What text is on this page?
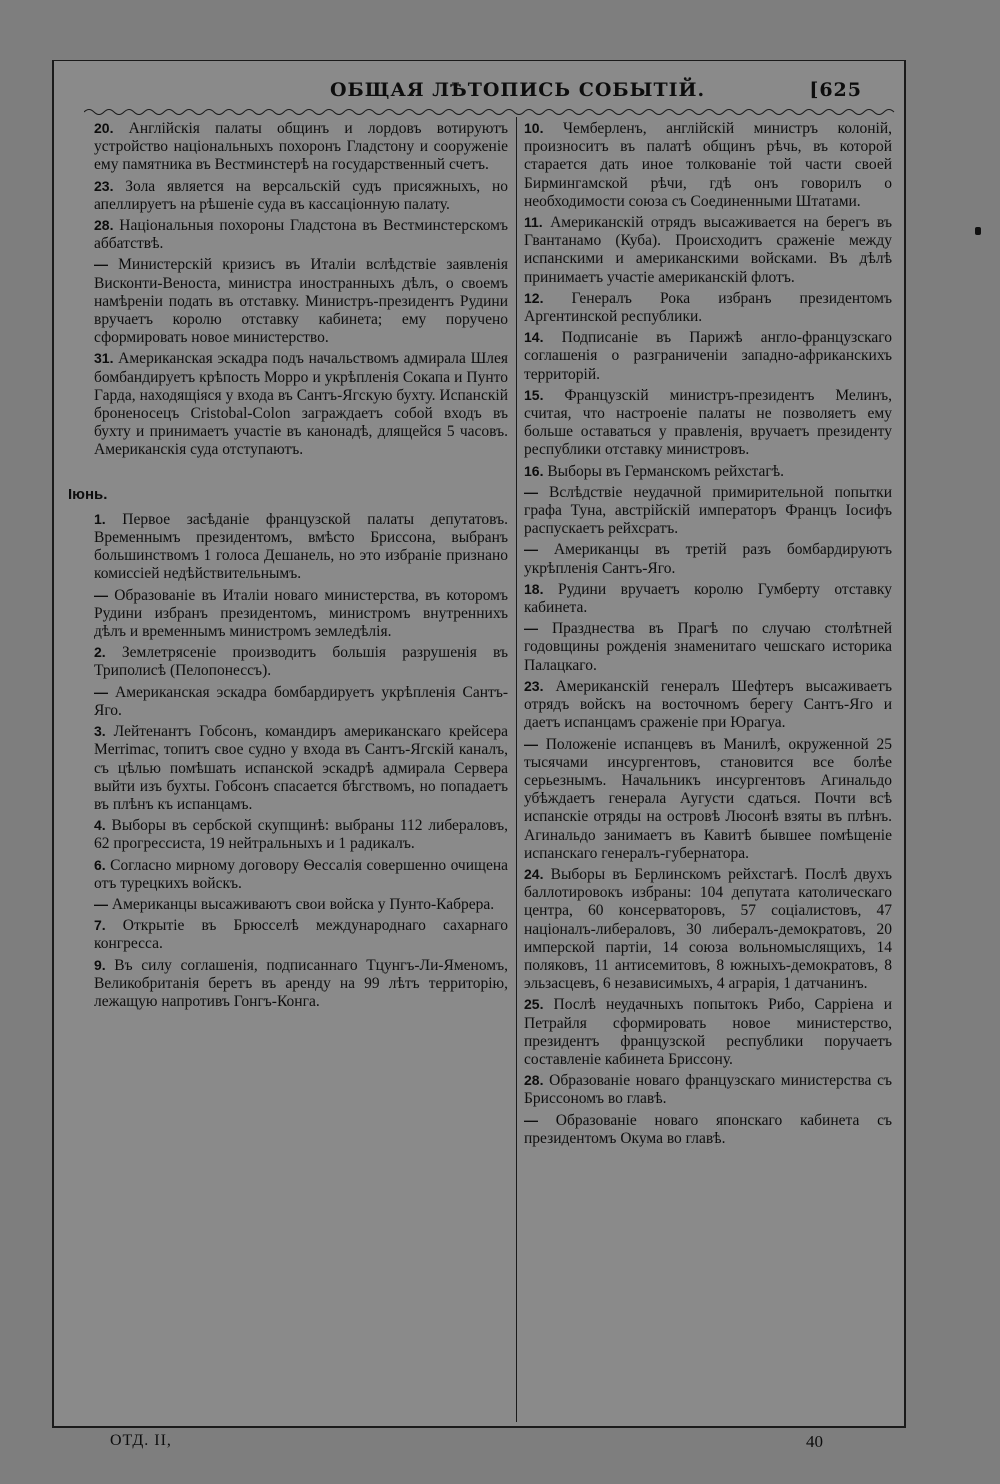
ОБЩАЯ ЛѢТОПИСЬ СОБЫТІЙ.	[625
20. Англійскія палаты общинъ и лордовъ вотируютъ устройство національныхъ похоронъ Гладстону и сооруженіе ему памятника въ Вестминстерѣ на государственный счетъ.
23. Зола является на версальскій судъ присяжныхъ, но апеллируетъ на рѣшеніе суда въ кассаціонную палату.
28. Національныя похороны Гладстона въ Вестминстерскомъ аббатствѣ.
— Министерскій кризисъ въ Италіи вслѣдствіе заявленія Висконти-Веноста, министра иностранныхъ дѣлъ, о своемъ намѣреніи подать въ отставку. Министръ-президентъ Рудини вручаетъ королю отставку кабинета; ему поручено сформировать новое министерство.
31. Американская эскадра подъ начальствомъ адмирала Шлея бомбандируетъ крѣпость Морро и укрѣпленія Сокапа и Пунто Гарда, находящіяся у входа въ Сантъ-Ягскую бухту. Испанскій броненосецъ Cristobal-Colon заграждаетъ собой входъ въ бухту и принимаетъ участіе въ канонадѣ, длящейся 5 часовъ. Американскія суда отступаютъ.
Іюнь.
1. Первое засѣданіе французской палаты депутатовъ. Временнымъ президентомъ, вмѣсто Бриссона, выбранъ большинствомъ 1 голоса Дешанель, но это избраніе признано комиссіей недѣйствительнымъ.
— Образованіе въ Италіи новаго министерства, въ которомъ Рудини избранъ президентомъ, министромъ внутреннихъ дѣлъ и временнымъ министромъ земледѣлія.
2. Землетрясеніе производитъ большія разрушенія въ Триполисѣ (Пелопонессъ).
— Американская эскадра бомбардируетъ укрѣпленія Сантъ-Яго.
3. Лейтенантъ Гобсонъ, командиръ американскаго крейсера Merrimac, топитъ свое судно у входа въ Сантъ-Ягскій каналъ, съ цѣлью помѣшать испанской эскадрѣ адмирала Сервера выйти изъ бухты. Гобсонъ спасается бѣгствомъ, но попадаетъ въ плѣнъ къ испанцамъ.
4. Выборы въ сербской скупщинѣ: выбраны 112 либераловъ, 62 прогрессиста, 19 нейтральныхъ и 1 радикалъ.
6. Согласно мирному договору Ѳессалія совершенно очищена отъ турецкихъ войскъ.
— Американцы высаживаютъ свои войска у Пунто-Кабрера.
7. Открытіе въ Брюсселѣ международнаго сахарнаго конгресса.
9. Въ силу соглашенія, подписаннаго Тцунгъ-Ли-Яменомъ, Великобританія беретъ въ аренду на 99 лѣтъ территорію, лежащую напротивъ Гонгъ-Конга.
10. Чемберленъ, англійскій министръ колоній, произноситъ въ палатѣ общинъ рѣчь, въ которой старается дать иное толкованіе той части своей Бирмингамской рѣчи, гдѣ онъ говорилъ о необходимости союза съ Соединенными Штатами.
11. Американскій отрядъ высаживается на берегъ въ Гвантанамо (Куба). Происходитъ сраженіе между испанскими и американскими войсками. Въ дѣлѣ принимаетъ участіе американскій флотъ.
12. Генералъ Рока избранъ президентомъ Аргентинской республики.
14. Подписаніе въ Парижѣ англо-французскаго соглашенія о разграниченіи западно-африканскихъ территорій.
15. Французскій министръ-президентъ Мелинъ, считая, что настроеніе палаты не позволяетъ ему больше оставаться у правленія, вручаетъ президенту республики отставку министровъ.
16. Выборы въ Германскомъ рейхстагѣ.
— Вслѣдствіе неудачной примирительной попытки графа Туна, австрійскій императоръ Францъ Іосифъ распускаетъ рейхсратъ.
— Американцы въ третій разъ бомбардируютъ укрѣпленія Сантъ-Яго.
18. Рудини вручаетъ королю Гумберту отставку кабинета.
— Празднества въ Прагѣ по случаю столѣтней годовщины рожденія знаменитаго чешскаго историка Палацкаго.
23. Американскій генералъ Шефтеръ высаживаетъ отрядъ войскъ на восточномъ берегу Сантъ-Яго и даетъ испанцамъ сраженіе при Юрагуа.
— Положеніе испанцевъ въ Манилѣ, окруженной 25 тысячами инсургентовъ, становится все болѣе серьезнымъ. Начальникъ инсургентовъ Агинальдо убѣждаетъ генерала Аугусти сдаться. Почти всѣ испанскіе отряды на островѣ Люсонѣ взяты въ плѣнъ. Агинальдо занимаетъ въ Кавитѣ бывшее помѣщеніе испанскаго генералъ-губернатора.
24. Выборы въ Берлинскомъ рейхстагѣ. Послѣ двухъ баллотировокъ избраны: 104 депутата католическаго центра, 60 консерваторовъ, 57 соціалистовъ, 47 націоналъ-либераловъ, 30 либералъ-демократовъ, 20 имперской партіи, 14 союза вольномыслящихъ, 14 поляковъ, 11 антисемитовъ, 8 южныхъ-демократовъ, 8 эльзасцевъ, 6 независимыхъ, 4 аграрія, 1 датчанинъ.
25. Послѣ неудачныхъ попытокъ Рибо, Сарріена и Петрайля сформировать новое министерство, президентъ французской республики поручаетъ составленіе кабинета Бриссону.
28. Образованіе новаго французскаго министерства съ Бриссономъ во главѣ.
— Образованіе новаго японскаго кабинета съ президентомъ Окума во главѣ.
ОТД. II,	40
